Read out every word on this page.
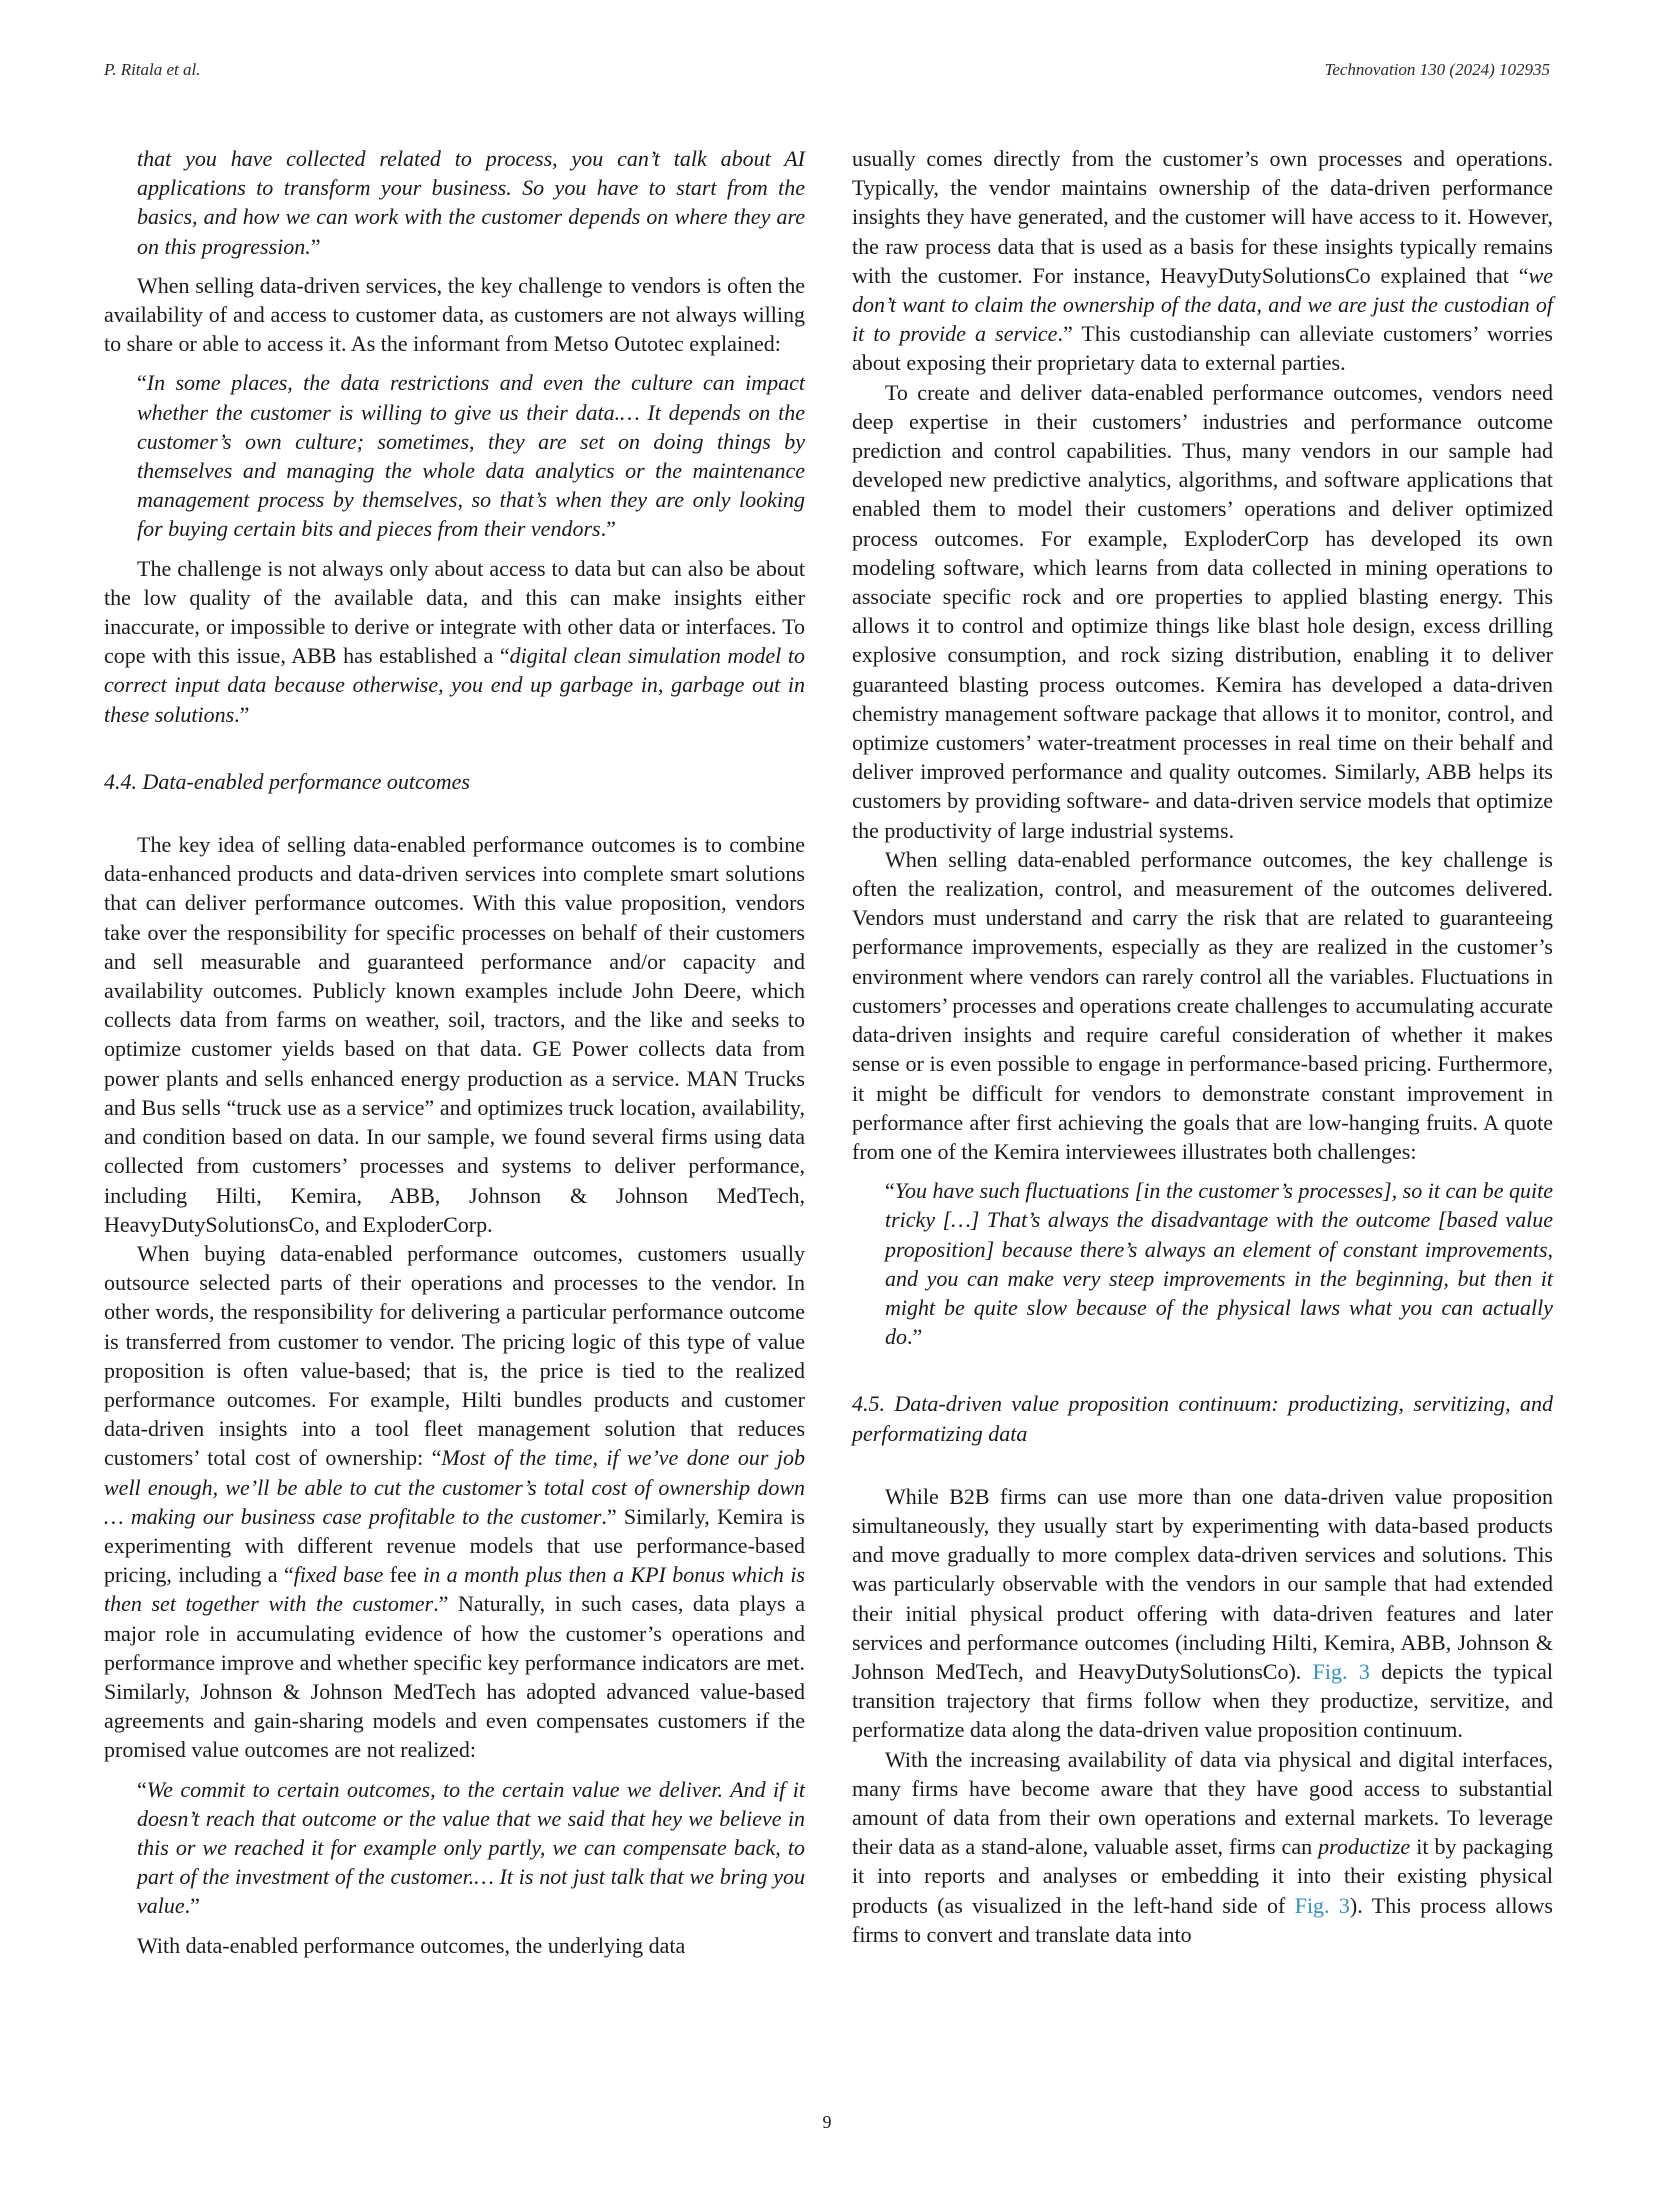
P. Ritala et al.	Technovation 130 (2024) 102935

that you have collected related to process, you can’t talk about AI applications to transform your business. So you have to start from the basics, and how we can work with the customer depends on where they are on this progression.”

When selling data-driven services, the key challenge to vendors is often the availability of and access to customer data, as customers are not always willing to share or able to access it. As the informant from Metso Outotec explained:

“In some places, the data restrictions and even the culture can impact whether the customer is willing to give us their data.… It depends on the customer’s own culture; sometimes, they are set on doing things by themselves and managing the whole data analytics or the maintenance management process by themselves, so that’s when they are only looking for buying certain bits and pieces from their vendors.”

The challenge is not always only about access to data but can also be about the low quality of the available data, and this can make insights either inaccurate, or impossible to derive or integrate with other data or interfaces. To cope with this issue, ABB has established a “digital clean simulation model to correct input data because otherwise, you end up garbage in, garbage out in these solutions.”

4.4. Data-enabled performance outcomes

The key idea of selling data-enabled performance outcomes is to combine data-enhanced products and data-driven services into complete smart solutions that can deliver performance outcomes. With this value proposition, vendors take over the responsibility for specific processes on behalf of their customers and sell measurable and guaranteed performance and/or capacity and availability outcomes. Publicly known examples include John Deere, which collects data from farms on weather, soil, tractors, and the like and seeks to optimize customer yields based on that data. GE Power collects data from power plants and sells enhanced energy production as a service. MAN Trucks and Bus sells “truck use as a service” and optimizes truck location, availability, and condition based on data. In our sample, we found several firms using data collected from customers’ processes and systems to deliver performance, including Hilti, Kemira, ABB, Johnson & Johnson MedTech, HeavyDutySolutionsCo, and ExploderCorp.

When buying data-enabled performance outcomes, customers usually outsource selected parts of their operations and processes to the vendor. In other words, the responsibility for delivering a particular performance outcome is transferred from customer to vendor. The pricing logic of this type of value proposition is often value-based; that is, the price is tied to the realized performance outcomes. For example, Hilti bundles products and customer data-driven insights into a tool fleet management solution that reduces customers’ total cost of ownership: “Most of the time, if we’ve done our job well enough, we’ll be able to cut the customer’s total cost of ownership down … making our business case profitable to the customer.” Similarly, Kemira is experimenting with different revenue models that use performance-based pricing, including a “fixed base fee in a month plus then a KPI bonus which is then set together with the customer.” Naturally, in such cases, data plays a major role in accumulating evidence of how the customer’s operations and performance improve and whether specific key performance indicators are met. Similarly, Johnson & Johnson MedTech has adopted advanced value-based agreements and gain-sharing models and even compensates customers if the promised value outcomes are not realized:

“We commit to certain outcomes, to the certain value we deliver. And if it doesn’t reach that outcome or the value that we said that hey we believe in this or we reached it for example only partly, we can compensate back, to part of the investment of the customer.… It is not just talk that we bring you value.”

With data-enabled performance outcomes, the underlying data

usually comes directly from the customer’s own processes and operations. Typically, the vendor maintains ownership of the data-driven performance insights they have generated, and the customer will have access to it. However, the raw process data that is used as a basis for these insights typically remains with the customer. For instance, HeavyDutySolutionsCo explained that “we don’t want to claim the ownership of the data, and we are just the custodian of it to provide a service.” This custodianship can alleviate customers’ worries about exposing their proprietary data to external parties.

To create and deliver data-enabled performance outcomes, vendors need deep expertise in their customers’ industries and performance outcome prediction and control capabilities. Thus, many vendors in our sample had developed new predictive analytics, algorithms, and software applications that enabled them to model their customers’ operations and deliver optimized process outcomes. For example, ExploderCorp has developed its own modeling software, which learns from data collected in mining operations to associate specific rock and ore properties to applied blasting energy. This allows it to control and optimize things like blast hole design, excess drilling explosive consumption, and rock sizing distribution, enabling it to deliver guaranteed blasting process outcomes. Kemira has developed a data-driven chemistry management software package that allows it to monitor, control, and optimize customers’ water-treatment processes in real time on their behalf and deliver improved performance and quality outcomes. Similarly, ABB helps its customers by providing software- and data-driven service models that optimize the productivity of large industrial systems.

When selling data-enabled performance outcomes, the key challenge is often the realization, control, and measurement of the outcomes delivered. Vendors must understand and carry the risk that are related to guaranteeing performance improvements, especially as they are realized in the customer’s environment where vendors can rarely control all the variables. Fluctuations in customers’ processes and operations create challenges to accumulating accurate data-driven insights and require careful consideration of whether it makes sense or is even possible to engage in performance-based pricing. Furthermore, it might be difficult for vendors to demonstrate constant improvement in performance after first achieving the goals that are low-hanging fruits. A quote from one of the Kemira interviewees illustrates both challenges:

“You have such fluctuations [in the customer’s processes], so it can be quite tricky […] That’s always the disadvantage with the outcome [based value proposition] because there’s always an element of constant improvements, and you can make very steep improvements in the beginning, but then it might be quite slow because of the physical laws what you can actually do.”

4.5. Data-driven value proposition continuum: productizing, servitizing, and performatizing data

While B2B firms can use more than one data-driven value proposition simultaneously, they usually start by experimenting with data-based products and move gradually to more complex data-driven services and solutions. This was particularly observable with the vendors in our sample that had extended their initial physical product offering with data-driven features and later services and performance outcomes (including Hilti, Kemira, ABB, Johnson & Johnson MedTech, and HeavyDutySolutionsCo). Fig. 3 depicts the typical transition trajectory that firms follow when they productize, servitize, and performatize data along the data-driven value proposition continuum.

With the increasing availability of data via physical and digital interfaces, many firms have become aware that they have good access to substantial amount of data from their own operations and external markets. To leverage their data as a stand-alone, valuable asset, firms can productize it by packaging it into reports and analyses or embedding it into their existing physical products (as visualized in the left-hand side of Fig. 3). This process allows firms to convert and translate data into

9
